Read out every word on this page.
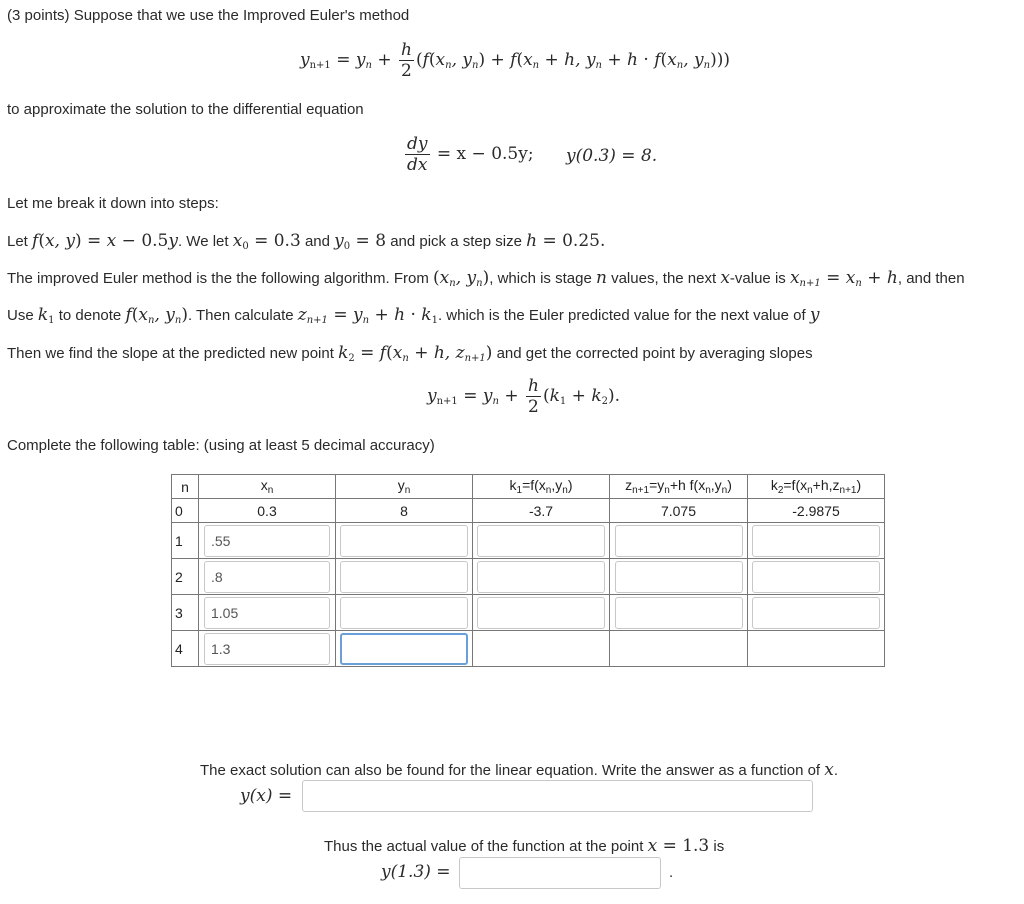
(3 points) Suppose that we use the Improved Euler's method
$y_{n+1} = y_n + \frac{h}{2} (f(x_n$, $y_n) + f(x_n + h$, $y_n + h \cdot f(x_n$, $y_n$)))
to approximate the solution to the differential equation
$\frac{dy}{dx} = x - 0.5y$; y(0.3) = 8.
Let me break it down into steps:
Let f(x, y) = x − 0.5y. We let $x_0 = 0.3$ and $y_0 = 8$ and pick a step size h = 0.25.
The improved Euler method is the the following algorithm. From ($x_n$, $y_n$), which is stage n values, the next x-value is $x_{n+1} = x_n + h$, and then
Use $k_1$ to denote $f(x_n$, $y_n$). Then calculate $z_{n+1} = y_n + h \cdot k_1$. which is the Euler predicted value for the next value of y
Then we find the slope at the predicted new point $k_2 = f(x_n + h$, $z_{n+1}$) and get the corrected point by averaging slopes
$y_{n+1} = y_n + \frac{h}{2} (k_1 + k_2)$.
Complete the following table: (using at least 5 decimal accuracy)
n	$x_n$	$y_n$	$k_1=f(x_n,y_n)$	$z_{n+1}=y_n+h$ $f(x_n,y_n)$	$k_2=f(x_n+h,z_{n+1})$
0	0.3	8	-3.7	7.075	-2.9875
1	.55				

2	.8				

3	1.05				

4	1.3				

The exact solution can also be found for the linear equation. Write the answer as a function of x.
y(x) =
Thus the actual value of the function at the point x = 1.3 is
y(1.3) =	.
